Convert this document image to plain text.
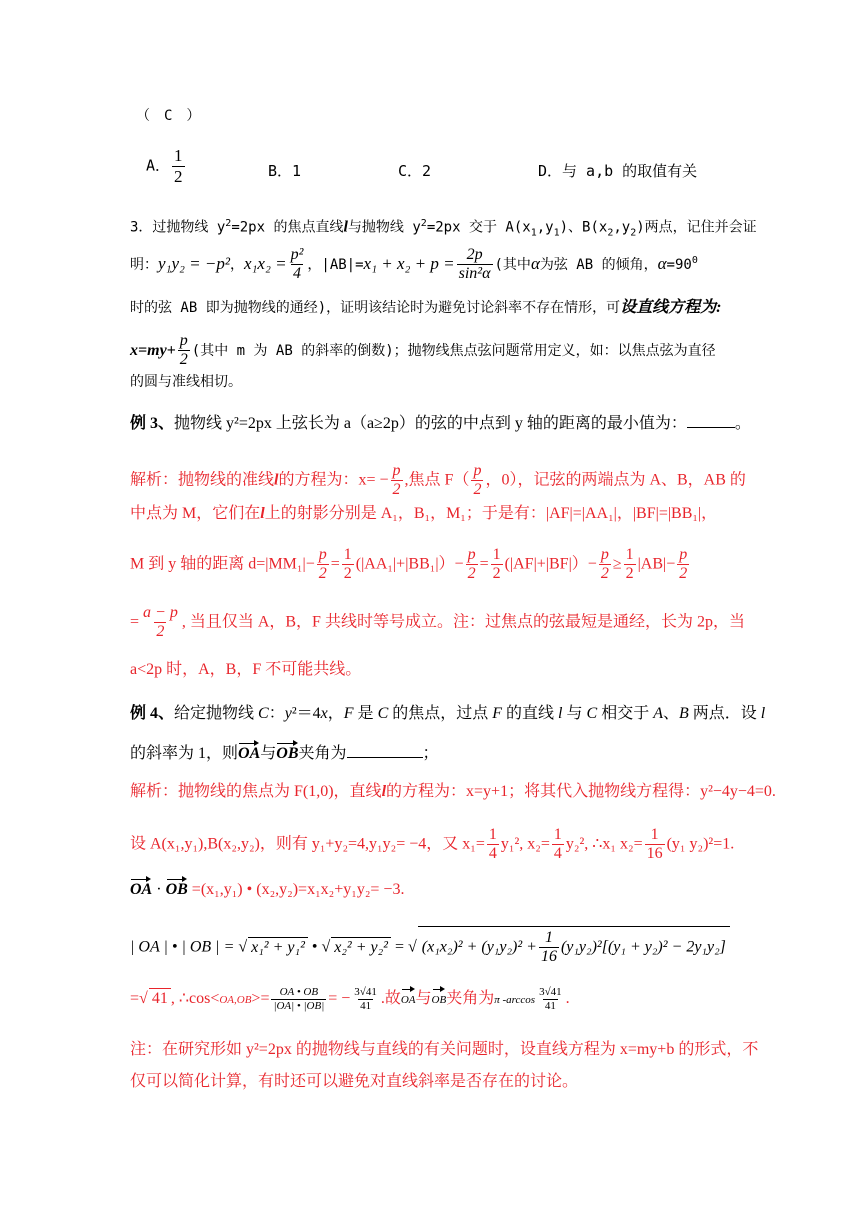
（　C　）
A． $\frac{1}{2}$	B．1	C．2	D．与 a,b 的取值有关
3．过抛物线 $y^2=2px$ 的焦点直线l与抛物线 $y^2=2px$ 交于 $A(x_1,y_1)$、$B(x_2,y_2)$两点，记住并会证
明：y₁y₂ = −p²，$x_1x_2 = \frac{\text{p²}}{4}$ ，$|AB|=x_1 + x_2 + p = \frac{2p}{\text{sin²α}}$ (其中α为弦 AB 的倾角，$\alpha=90^0$
时的弦 AB 即为抛物线的通经)，证明该结论时为避免讨论斜率不存在情形，可设直线方程为:
$x=my+ \frac{p}{2}$ (其中 m 为 AB 的斜率的倒数)；抛物线焦点弦问题常用定义，如：以焦点弦为直径
的圆与准线相切。
例 3、抛物线 y²=2px 上弦长为 a（a≥2p）的弦的中点到 y 轴的距离的最小值为：	。
解析：抛物线的准线l的方程为：$x= - \frac{p}{2}$ ,焦点 $F( \frac{p}{2}$ ，0），记弦的两端点为 A、B，AB 的
中点为 M，它们在l上的射影分别是 A₁，B₁，M₁；于是有：|AF|=|AA₁|，|BF|=|BB₁|，
M 到 y 轴的距离 $d=|MM_1|- \frac{p}{2} = \frac{1}{2} (|AA_1|+|BB_1|)- \frac{p}{2} = \frac{1}{2} (|AF|+|BF|)- \frac{p}{2} \ge \frac{1}{2} |AB|- \frac{p}{2}$
= $\frac{a - p}{2}$ , 当且仅当 A，B，F 共线时等号成立。注：过焦点的弦最短是通经，长为 2p，当
a<2p 时，A，B，F 不可能共线。
例 4、给定抛物线 C：y²＝4x，F 是 C 的焦点，过点 F 的直线 l 与 C 相交于 A、B 两点．设 l
的斜率为 1，则OA与OB夹角为	；
解析：抛物线的焦点为 F(1,0)，直线l的方程为：x=y+1；将其代入抛物线方程得：y²−4y−4=0.
设 A(x₁,y₁),B(x₂,y₂)，则有 y₁+y₂=4,y₁y₂= −4，又 $x_1= \frac{1}{4} y_1^2$, $x_2= \frac{1}{4} y_2^2$, ∴x₁ $x_2= \frac{1}{16} (y_1$ y₂)²=1.
OA · OB =(x₁,y₁) • (x₂,y₂)=x₁x₂+y₁y₂= −3.
| OA | • | OB | = √ x₁² + y₁² • √ x₂² + y₂² = √ $(x_1x_2)^2 + (y_1y_2)^2 + \frac{1}{16} (y_1y_2)^2[(y_1 + y_2)^2 - 2y_1y_2]$
=√ 41 , ∴cos<OA,OB>= $\frac{OA • OB}{|OA| • |OB|}$ = − $\frac{3√41}{41}$ .故OA与OB夹角为π $-\arccos \frac{3√41}{41}$ .
注：在研究形如 y²=2px 的抛物线与直线的有关问题时，设直线方程为 x=my+b 的形式，不
仅可以简化计算，有时还可以避免对直线斜率是否存在的讨论。
